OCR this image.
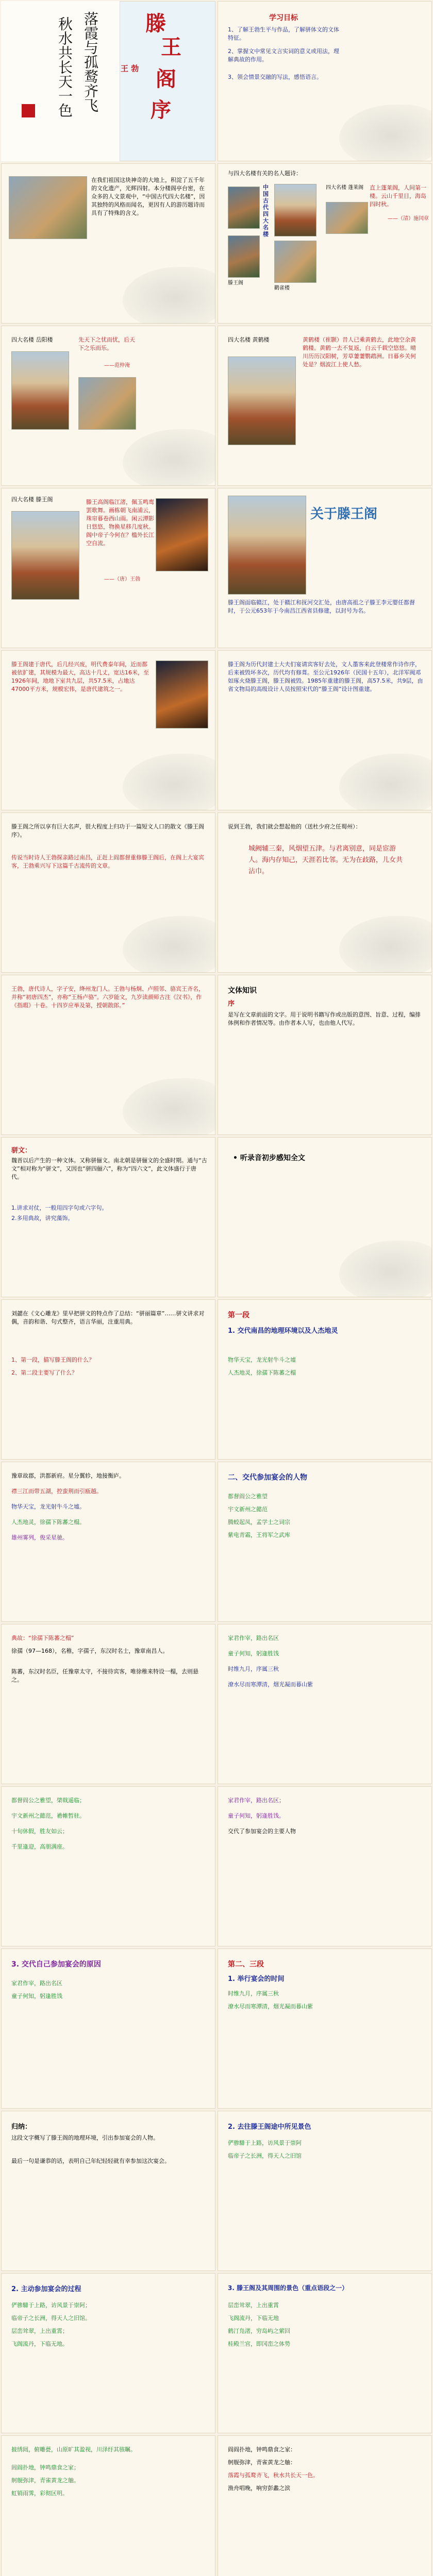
落霞与孤鹜齐飞
秋水共长天一色	滕
王
阁
序
王 勃
学习目标
1、了解王勃生平与作品，了解骈体文的文体特征。
2、掌握文中常见文言实词的意义或用法，理解典故的作用。
3、领会情景交融的写法，感悟语言。
在我们祖国这块神奇的大地上，积淀了五千年的文化遗产，光辉四射。本分楼阁亭台密，在众多的人文景观中，“中国古代四大名楼”，因其独特的风格而闻名，更因有人的游历题诗而具有了特殊的含义。
与四大名楼有关的名人题诗：
中国古代四大名楼
四大名楼 蓬莱阁	直上蓬莱阁，人间第一楼。云山千里目，海岛四时秋。
——（清）施闰章
滕王阁
鹳雀楼
四大名楼 岳阳楼	先天下之忧而忧，后天下之乐而乐。
——范仲淹
四大名楼 黄鹤楼	黄鹤楼（崔颢）昔人已乘黄鹤去，此地空余黄鹤楼。黄鹤一去不复返，白云千载空悠悠。晴川历历汉阳树，芳草萋萋鹦鹉洲。日暮乡关何处是？烟波江上使人愁。
四大名楼 滕王阁	滕王高阁临江渚，佩玉鸣鸾罢歌舞。画栋朝飞南浦云，珠帘暮卷西山雨。闲云潭影日悠悠，物换星移几度秋。阁中帝子今何在？槛外长江空自流。
——（唐）王勃
关于滕王阁
滕王阁面临赣江，处于赣江和抚河交汇处，由唐高祖之子滕王李元婴任都督时，于公元653年于今南昌江西省县修建，以封号为名。
滕王阁建于唐代，后几经兴废，明代费泰年间，近而都被依扩建，其规模为最大，高达十几丈，宽达16米，至1926年间，地地下室共九层，共57.5米，占地达47000平方米，规模宏伟，是唐代建筑之一。
滕王阁为历代封建士大夫们宴请宾客好去处，文人墨客来此登楼常作诗作序，后来被毁坏多次，历代均有修葺。至公元1926年（民国十五年），北洋军阀邓如琢火烧滕王阁，滕王阁被毁。1985年重建的滕王阁，高57.5米，共9层，由省文物局的高级设计人员按照宋代的“滕王阁”设计图重建。
滕王阁之所以享有巨大名声，很大程度上归功于一篇短文人口的散文《滕王阁序》。
传说当时诗人王勃探亲路过南昌，正赶上阎都督重修滕王阁后，在阁上大宴宾客，王勃乘兴写下这篇千古流传的文章。
说到王勃，我们就会想起他的（送杜少府之任蜀州）：
城阙辅三秦，风烟望五津。与君离别意，同是宦游人。海内存知己，天涯若比邻。无为在歧路，儿女共沾巾。
王勃，唐代诗人，字子安，绛州龙门人。王勃与杨炯、卢照邻、骆宾王齐名，并称“初唐四杰”，亦称“王杨卢骆”。六岁能文，九岁读颜师古注《汉书》，作《指瑕》十卷。十四岁应举及第，授朝散郎。”
文体知识
序
是写在文章前面的文字。用于说明书籍写作或出版的意图、旨意、过程，编排体例和作者情况等。由作者本人写，也由他人代写。
骈文：
魏晋以后产生的一种文体。又称骈俪文。南北朝是骈俪文的全盛时期。通与“古文”相对称为“骈文”，又因也“骈四俪六”，称为“四六文”，此文体盛行于唐代。
1.讲求对仗，一般用四字句或六字句。
2.多用典故，讲究藻饰。
• 听录音初步感知全文
刘勰在《文心雕龙》里早把骈文的特点作了总结：“骈丽篇章”……骈文讲求对偶，音韵和谐、句式整齐，语言华丽，注重用典。
1、第一段，描写滕王阁的什么？
2、第二段主要写了什么？
第一段
1. 交代南昌的地理环境以及人杰地灵
物华天宝，龙光射牛斗之墟
人杰地灵，徐孺下陈蕃之榻
豫章故郡，洪都新府。星分翼轸，地接衡庐。
襟三江而带五湖，控蛮荆而引瓯越。
物华天宝，龙光射牛斗之墟。
人杰地灵，徐孺下陈蕃之榻。
雄州雾列，俊采星驰。
二、交代参加宴会的人物
都督阎公之雅望
宇文新州之懿范
腾蛟起凤，孟学士之词宗
紫电青霜，王将军之武库
典故：“徐孺下陈蕃之榻”
徐孺（97—168），名稚，字孺子，东汉时名士，豫章南昌人。
陈蕃，东汉时名臣，任豫章太守，不接待宾客，唯徐稚来特设一榻，去则悬之。
家君作宰，路出名区
童子何知，躬逢胜饯
时维九月，序属三秋
潦水尽而寒潭清，烟光凝而暮山紫
都督阎公之雅望，棨戟遥临；
宇文新州之懿范，襜帷暂驻。
十旬休假，胜友如云；
千里逢迎，高朋满座。
家君作宰，路出名区；
童子何知，躬逢胜饯。
交代了参加宴会的主要人物
3. 交代自己参加宴会的原因
家君作宰，路出名区
童子何知，躬逢胜饯
第二、三段
1. 举行宴会的时间
时维九月，序属三秋
潦水尽而寒潭清，烟光凝而暮山紫
归纳：
这段文字概写了滕王阁的地理环境，引出参加宴会的人物。
最后一句是谦恭的话，表明自己年纪轻轻就有幸参加这次宴会。
2. 去往滕王阁途中所见景色
俨骖騑于上路，访风景于崇阿
临帝子之长洲，得天人之旧馆
2. 主动参加宴会的过程
俨骖騑于上路，访风景于崇阿；
临帝子之长洲，得天人之旧馆。
层峦耸翠，上出重霄；
飞阁流丹，下临无地。
3. 滕王阁及其周围的景色（重点语段之一）
层峦耸翠，上出重霄
飞阁流丹，下临无地
鹤汀凫渚，穷岛屿之萦回
桂殿兰宫，即冈峦之体势
披绣闼，俯雕甍，山原旷其盈视，川泽纡其骇瞩。
闾阎扑地，钟鸣鼎食之家；
舸舰弥津，青雀黄龙之舳。
虹销雨霁，彩彻区明。
阎阎扑地，钟鸣鼎食之家：
舸舰弥津，青雀黄龙之舳：
落霞与孤鹜齐飞，秋水共长天一色。
渔舟唱晚，响穷彭蠡之滨
